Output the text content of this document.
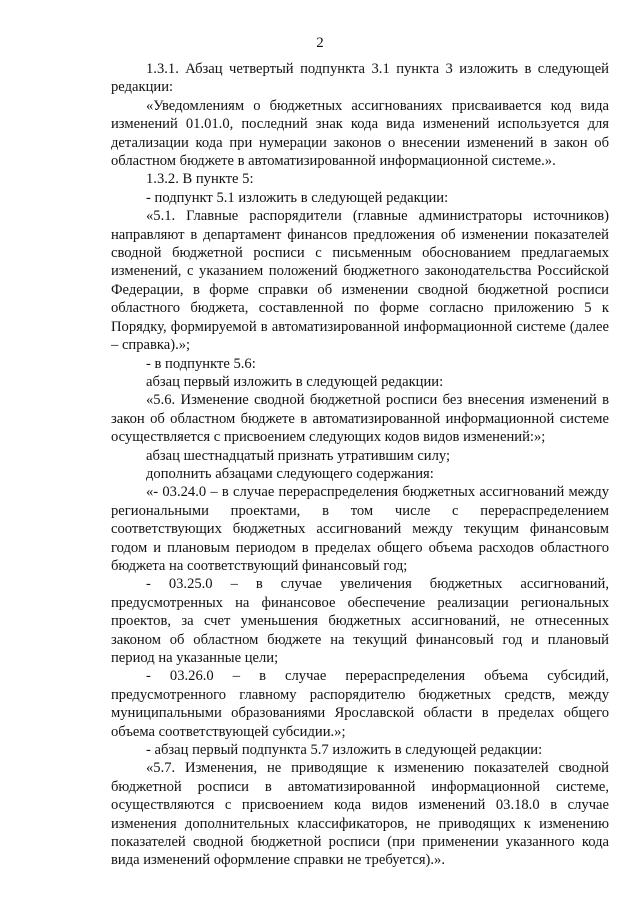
2

1.3.1. Абзац четвертый подпункта 3.1 пункта 3 изложить в следующей редакции:

«Уведомлениям о бюджетных ассигнованиях присваивается код вида изменений 01.01.0, последний знак кода вида изменений используется для детализации кода при нумерации законов о внесении изменений в закон об областном бюджете в автоматизированной информационной системе.».

1.3.2. В пункте 5:

- подпункт 5.1 изложить в следующей редакции:

«5.1. Главные распорядители (главные администраторы источников) направляют в департамент финансов предложения об изменении показателей сводной бюджетной росписи с письменным обоснованием предлагаемых изменений, с указанием положений бюджетного законодательства Российской Федерации, в форме справки об изменении сводной бюджетной росписи областного бюджета, составленной по форме согласно приложению 5 к Порядку, формируемой в автоматизированной информационной системе (далее – справка).»;

- в подпункте 5.6:

абзац первый изложить в следующей редакции:

«5.6. Изменение сводной бюджетной росписи без внесения изменений в закон об областном бюджете в автоматизированной информационной системе осуществляется с присвоением следующих кодов видов изменений:»;

абзац шестнадцатый признать утратившим силу;

дополнить абзацами следующего содержания:

«- 03.24.0 – в случае перераспределения бюджетных ассигнований между региональными проектами, в том числе с перераспределением соответствующих бюджетных ассигнований между текущим финансовым годом и плановым периодом в пределах общего объема расходов областного бюджета на соответствующий финансовый год;

- 03.25.0 – в случае увеличения бюджетных ассигнований, предусмотренных на финансовое обеспечение реализации региональных проектов, за счет уменьшения бюджетных ассигнований, не отнесенных законом об областном бюджете на текущий финансовый год и плановый период на указанные цели;

- 03.26.0 – в случае перераспределения объема субсидий, предусмотренного главному распорядителю бюджетных средств, между муниципальными образованиями Ярославской области в пределах общего объема соответствующей субсидии.»;

- абзац первый подпункта 5.7 изложить в следующей редакции:

«5.7. Изменения, не приводящие к изменению показателей сводной бюджетной росписи в автоматизированной информационной системе, осуществляются с присвоением кода видов изменений 03.18.0 в случае изменения дополнительных классификаторов, не приводящих к изменению показателей сводной бюджетной росписи (при применении указанного кода вида изменений оформление справки не требуется).».
